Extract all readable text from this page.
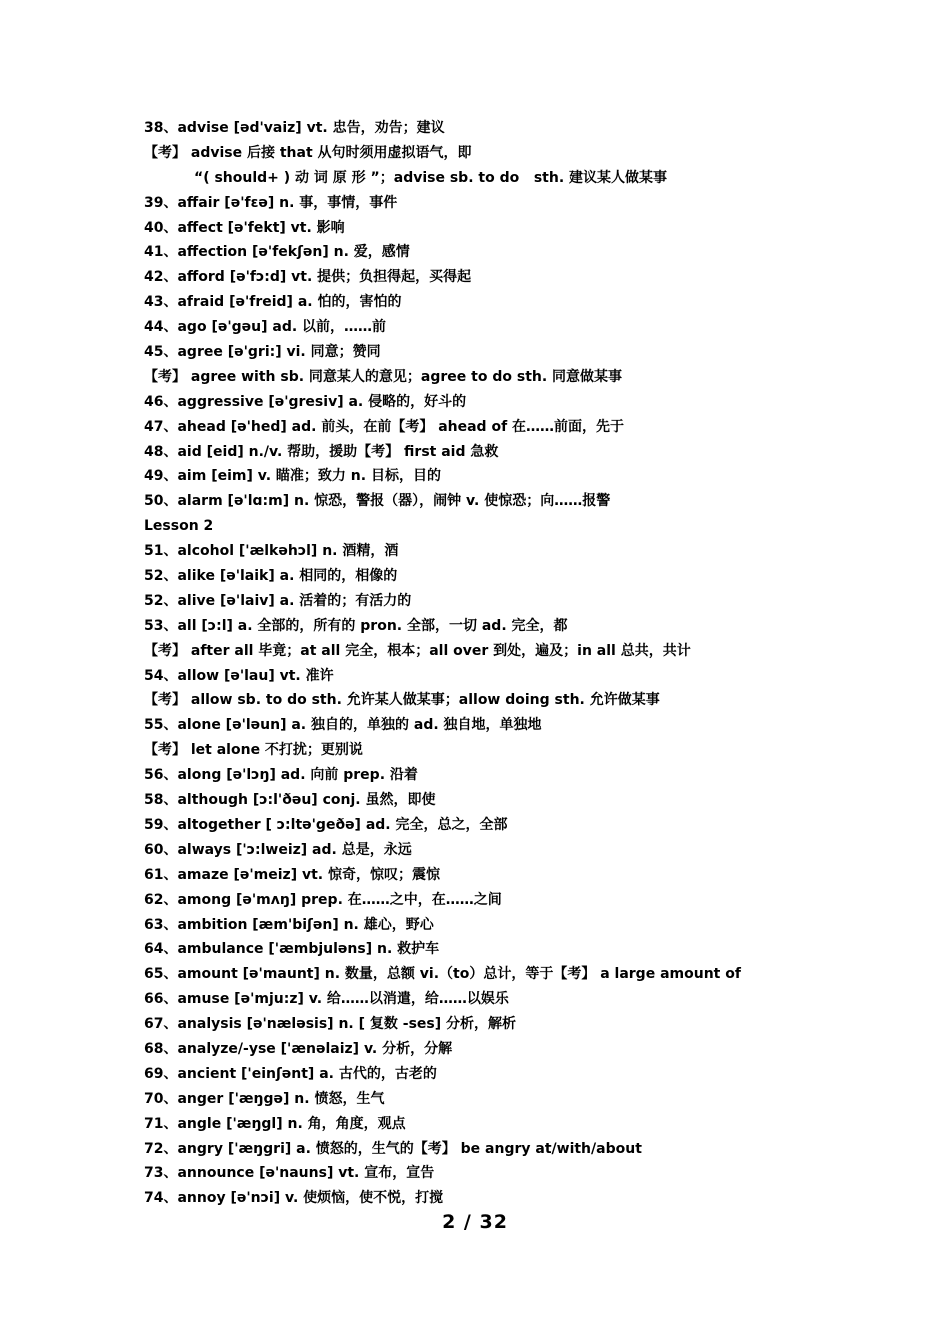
38、advise [əd'vaiz] vt. 忠告，劝告；建议
【考】 advise 后接 that 从句时须用虚拟语气，即
“( should+ ) 动 词 原 形 ”；advise sb. to do   sth. 建议某人做某事
39、affair [ə'fεə] n. 事，事情，事件
40、affect [ə'fekt] vt. 影响
41、affection [ə'fekʃən] n. 爱，感情
42、afford [ə'fɔ:d] vt. 提供；负担得起，买得起
43、afraid [ə'freid] a. 怕的，害怕的
44、ago [ə'gəu] ad. 以前，……前
45、agree [ə'gri:] vi. 同意；赞同
【考】 agree with sb. 同意某人的意见；agree to do sth. 同意做某事
46、aggressive [ə'gresiv] a. 侵略的，好斗的
47、ahead [ə'hed] ad. 前头，在前【考】 ahead of 在……前面，先于
48、aid [eid] n./v. 帮助，援助【考】 first aid 急救
49、aim [eim] v. 瞄准；致力 n. 目标，目的
50、alarm [ə'lɑ:m] n. 惊恐，警报（器），闹钟 v. 使惊恐；向……报警
Lesson 2
51、alcohol ['ælkəhɔl] n. 酒精，酒
52、alike [ə'laik] a. 相同的，相像的
52、alive [ə'laiv] a. 活着的；有活力的
53、all [ɔ:l] a. 全部的，所有的 pron. 全部，一切 ad. 完全，都
【考】 after all 毕竟；at all 完全，根本；all over 到处，遍及；in all 总共，共计
54、allow [ə'lau] vt. 准许
【考】 allow sb. to do sth. 允许某人做某事；allow doing sth. 允许做某事
55、alone [ə'ləun] a. 独自的，单独的 ad. 独自地，单独地
【考】 let alone 不打扰；更别说
56、along [ə'lɔŋ] ad. 向前 prep. 沿着
58、although [ɔ:l'ðəu] conj. 虽然，即使
59、altogether [ ɔ:ltə'geðə] ad. 完全，总之，全部
60、always ['ɔ:lweiz] ad. 总是，永远
61、amaze [ə'meiz] vt. 惊奇，惊叹；震惊
62、among [ə'mʌŋ] prep. 在……之中，在……之间
63、ambition [æm'biʃən] n. 雄心，野心
64、ambulance ['æmbjuləns] n. 救护车
65、amount [ə'maunt] n. 数量，总额 vi.（to）总计，等于【考】 a large amount of
66、amuse [ə'mju:z] v. 给……以消遣，给……以娱乐
67、analysis [ə'næləsis] n. [ 复数 -ses] 分析，解析
68、analyze/-yse ['ænəlaiz] v. 分析，分解
69、ancient ['einʃənt] a. 古代的，古老的
70、anger ['æŋgə] n. 愤怒，生气
71、angle ['æŋgl] n. 角，角度，观点
72、angry ['æŋgri] a. 愤怒的，生气的【考】 be angry at/with/about
73、announce [ə'nauns] vt. 宣布，宣告
74、annoy [ə'nɔi] v. 使烦恼，使不悦，打搅
2 / 32
